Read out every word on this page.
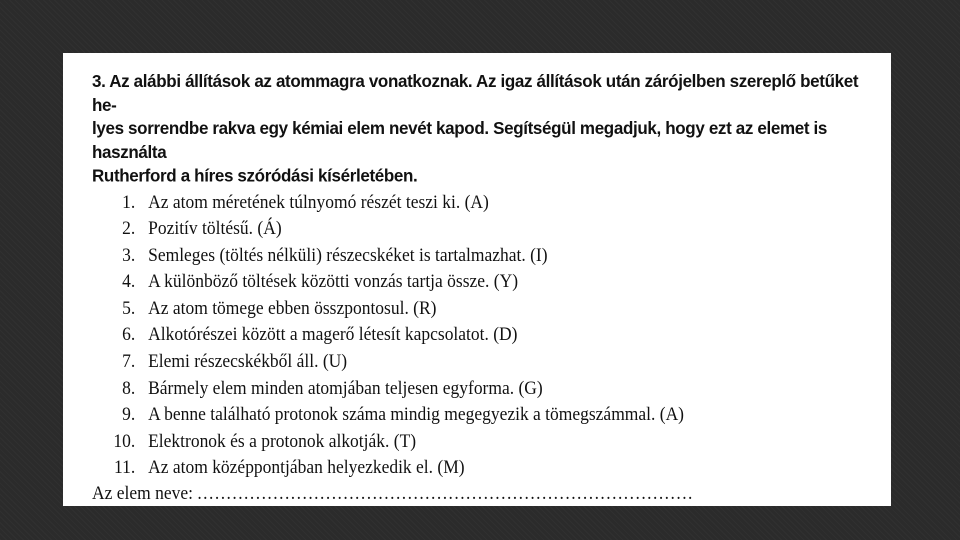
3. Az alábbi állítások az atommagra vonatkoznak. Az igaz állítások után zárójelben szereplő betűket he-
lyes sorrendbe rakva egy kémiai elem nevét kapod. Segítségül megadjuk, hogy ezt az elemet is használta
Rutherford a híres szóródási kísérletében.
1. Az atom méretének túlnyomó részét teszi ki. (A)
2. Pozitív töltésű. (Á)
3. Semleges (töltés nélküli) részecskéket is tartalmazhat. (I)
4. A különböző töltések közötti vonzás tartja össze. (Y)
5. Az atom tömege ebben összpontosul. (R)
6. Alkotórészei között a magerő létesít kapcsolatot. (D)
7. Elemi részecskékből áll. (U)
8. Bármely elem minden atomjában teljesen egyforma. (G)
9. A benne található protonok száma mindig megegyezik a tömegszámmal. (A)
10. Elektronok és a protonok alkotják. (T)
11. Az atom középpontjában helyezkedik el. (M)
Az elem neve: .....................................................................................
